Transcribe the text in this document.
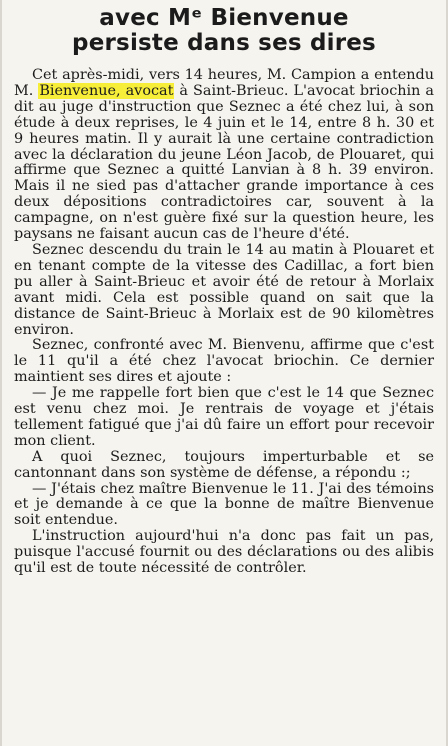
avec Mᵉ Bienvenue
persiste dans ses dires

Cet après-midi, vers 14 heures, M. Campion a entendu M. Bienvenue, avocat à Saint-Brieuc. L'avocat briochin a dit au juge d'instruction que Seznec a été chez lui, à son étude à deux reprises, le 4 juin et le 14, entre 8 h. 30 et 9 heures matin. Il y aurait là une certaine contradiction avec la déclaration du jeune Léon Jacob, de Plouaret, qui affirme que Seznec a quitté Lanvian à 8 h. 39 environ. Mais il ne sied pas d'attacher grande importance à ces deux dépositions contradictoires car, souvent à la campagne, on n'est guère fixé sur la question heure, les paysans ne faisant aucun cas de l'heure d'été.

Seznec descendu du train le 14 au matin à Plouaret et en tenant compte de la vitesse des Cadillac, a fort bien pu aller à Saint-Brieuc et avoir été de retour à Morlaix avant midi. Cela est possible quand on sait que la distance de Saint-Brieuc à Morlaix est de 90 kilomètres environ.

Seznec, confronté avec M. Bienvenu, affirme que c'est le 11 qu'il a été chez l'avocat briochin. Ce dernier maintient ses dires et ajoute :

— Je me rappelle fort bien que c'est le 14 que Seznec est venu chez moi. Je rentrais de voyage et j'étais tellement fatigué que j'ai dû faire un effort pour recevoir mon client.

A quoi Seznec, toujours imperturbable et se cantonnant dans son système de défense, a répondu :;

— J'étais chez maître Bienvenue le 11. J'ai des témoins et je demande à ce que la bonne de maître Bienvenue soit entendue.

L'instruction aujourd'hui n'a donc pas fait un pas, puisque l'accusé fournit ou des déclarations ou des alibis qu'il est de toute nécessité de contrôler.
